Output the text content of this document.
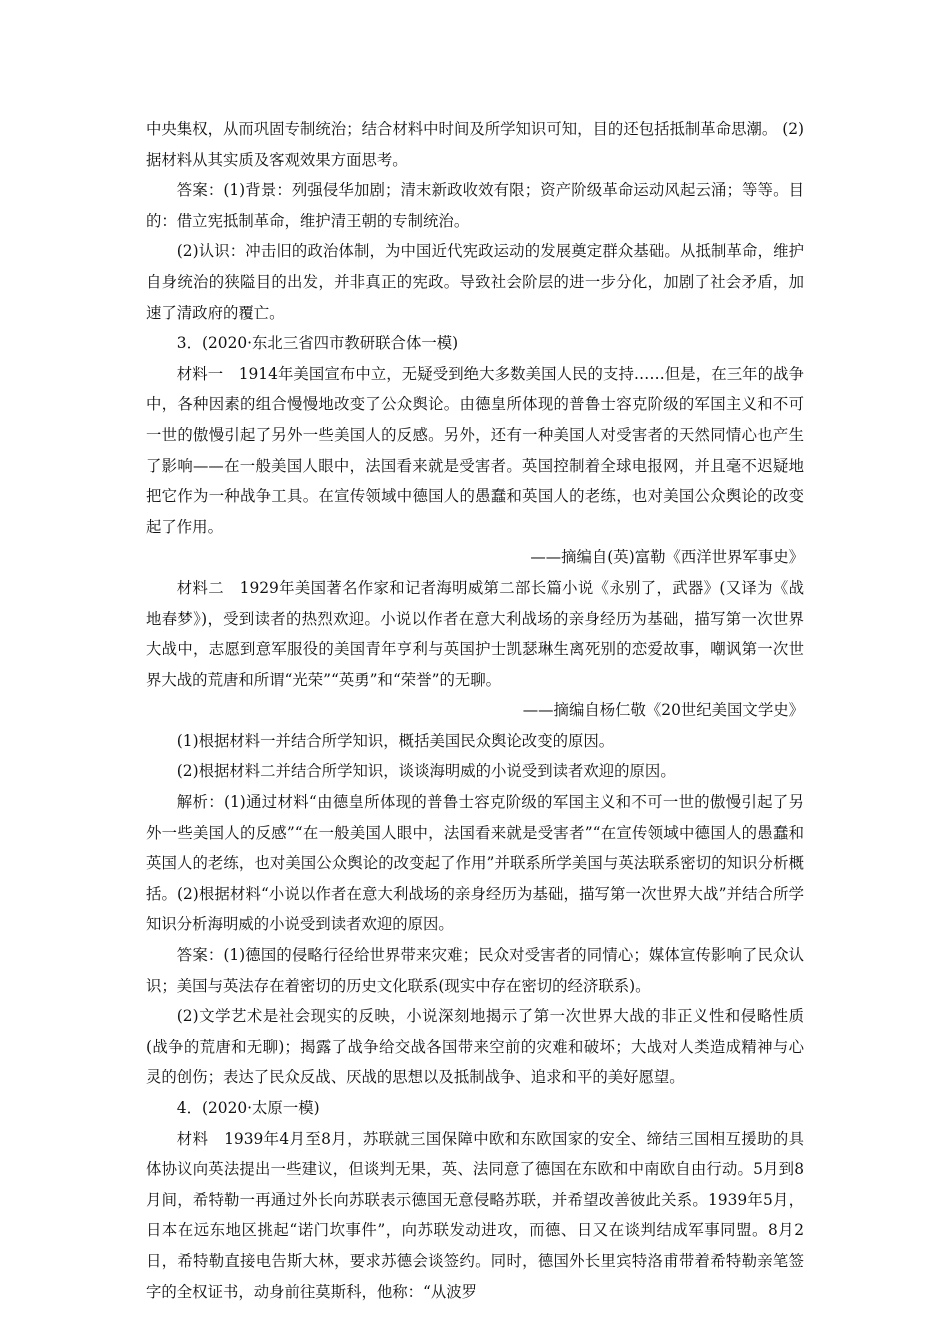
中央集权，从而巩固专制统治；结合材料中时间及所学知识可知，目的还包括抵制革命思潮。 (2)据材料从其实质及客观效果方面思考。

答案：(1)背景：列强侵华加剧；清末新政收效有限；资产阶级革命运动风起云涌；等等。目的：借立宪抵制革命，维护清王朝的专制统治。

(2)认识：冲击旧的政治体制，为中国近代宪政运动的发展奠定群众基础。从抵制革命，维护自身统治的狭隘目的出发，并非真正的宪政。导致社会阶层的进一步分化，加剧了社会矛盾，加速了清政府的覆亡。

3．(2020·东北三省四市教研联合体一模)

材料一　1914年美国宣布中立，无疑受到绝大多数美国人民的支持……但是，在三年的战争中，各种因素的组合慢慢地改变了公众舆论。由德皇所体现的普鲁士容克阶级的军国主义和不可一世的傲慢引起了另外一些美国人的反感。另外，还有一种美国人对受害者的天然同情心也产生了影响——在一般美国人眼中，法国看来就是受害者。英国控制着全球电报网，并且毫不迟疑地把它作为一种战争工具。在宣传领域中德国人的愚蠢和英国人的老练，也对美国公众舆论的改变起了作用。

——摘编自(英)富勒《西洋世界军事史》

材料二　1929年美国著名作家和记者海明威第二部长篇小说《永别了，武器》(又译为《战地春梦》)，受到读者的热烈欢迎。小说以作者在意大利战场的亲身经历为基础，描写第一次世界大战中，志愿到意军服役的美国青年亨利与英国护士凯瑟琳生离死别的恋爱故事，嘲讽第一次世界大战的荒唐和所谓“光荣”“英勇”和“荣誉”的无聊。

——摘编自杨仁敬《20世纪美国文学史》

(1)根据材料一并结合所学知识，概括美国民众舆论改变的原因。

(2)根据材料二并结合所学知识，谈谈海明威的小说受到读者欢迎的原因。

解析：(1)通过材料“由德皇所体现的普鲁士容克阶级的军国主义和不可一世的傲慢引起了另外一些美国人的反感”“在一般美国人眼中，法国看来就是受害者”“在宣传领域中德国人的愚蠢和英国人的老练，也对美国公众舆论的改变起了作用”并联系所学美国与英法联系密切的知识分析概括。(2)根据材料“小说以作者在意大利战场的亲身经历为基础，描写第一次世界大战”并结合所学知识分析海明威的小说受到读者欢迎的原因。

答案：(1)德国的侵略行径给世界带来灾难；民众对受害者的同情心；媒体宣传影响了民众认识；美国与英法存在着密切的历史文化联系(现实中存在密切的经济联系)。

(2)文学艺术是社会现实的反映，小说深刻地揭示了第一次世界大战的非正义性和侵略性质(战争的荒唐和无聊)；揭露了战争给交战各国带来空前的灾难和破坏；大战对人类造成精神与心灵的创伤；表达了民众反战、厌战的思想以及抵制战争、追求和平的美好愿望。

4．(2020·太原一模)

材料　1939年4月至8月，苏联就三国保障中欧和东欧国家的安全、缔结三国相互援助的具体协议向英法提出一些建议，但谈判无果，英、法同意了德国在东欧和中南欧自由行动。5月到8月间，希特勒一再通过外长向苏联表示德国无意侵略苏联，并希望改善彼此关系。1939年5月，日本在远东地区挑起“诺门坎事件”，向苏联发动进攻，而德、日又在谈判结成军事同盟。8月2日，希特勒直接电告斯大林，要求苏德会谈签约。同时，德国外长里宾特洛甫带着希特勒亲笔签字的全权证书，动身前往莫斯科，他称：“从波罗
